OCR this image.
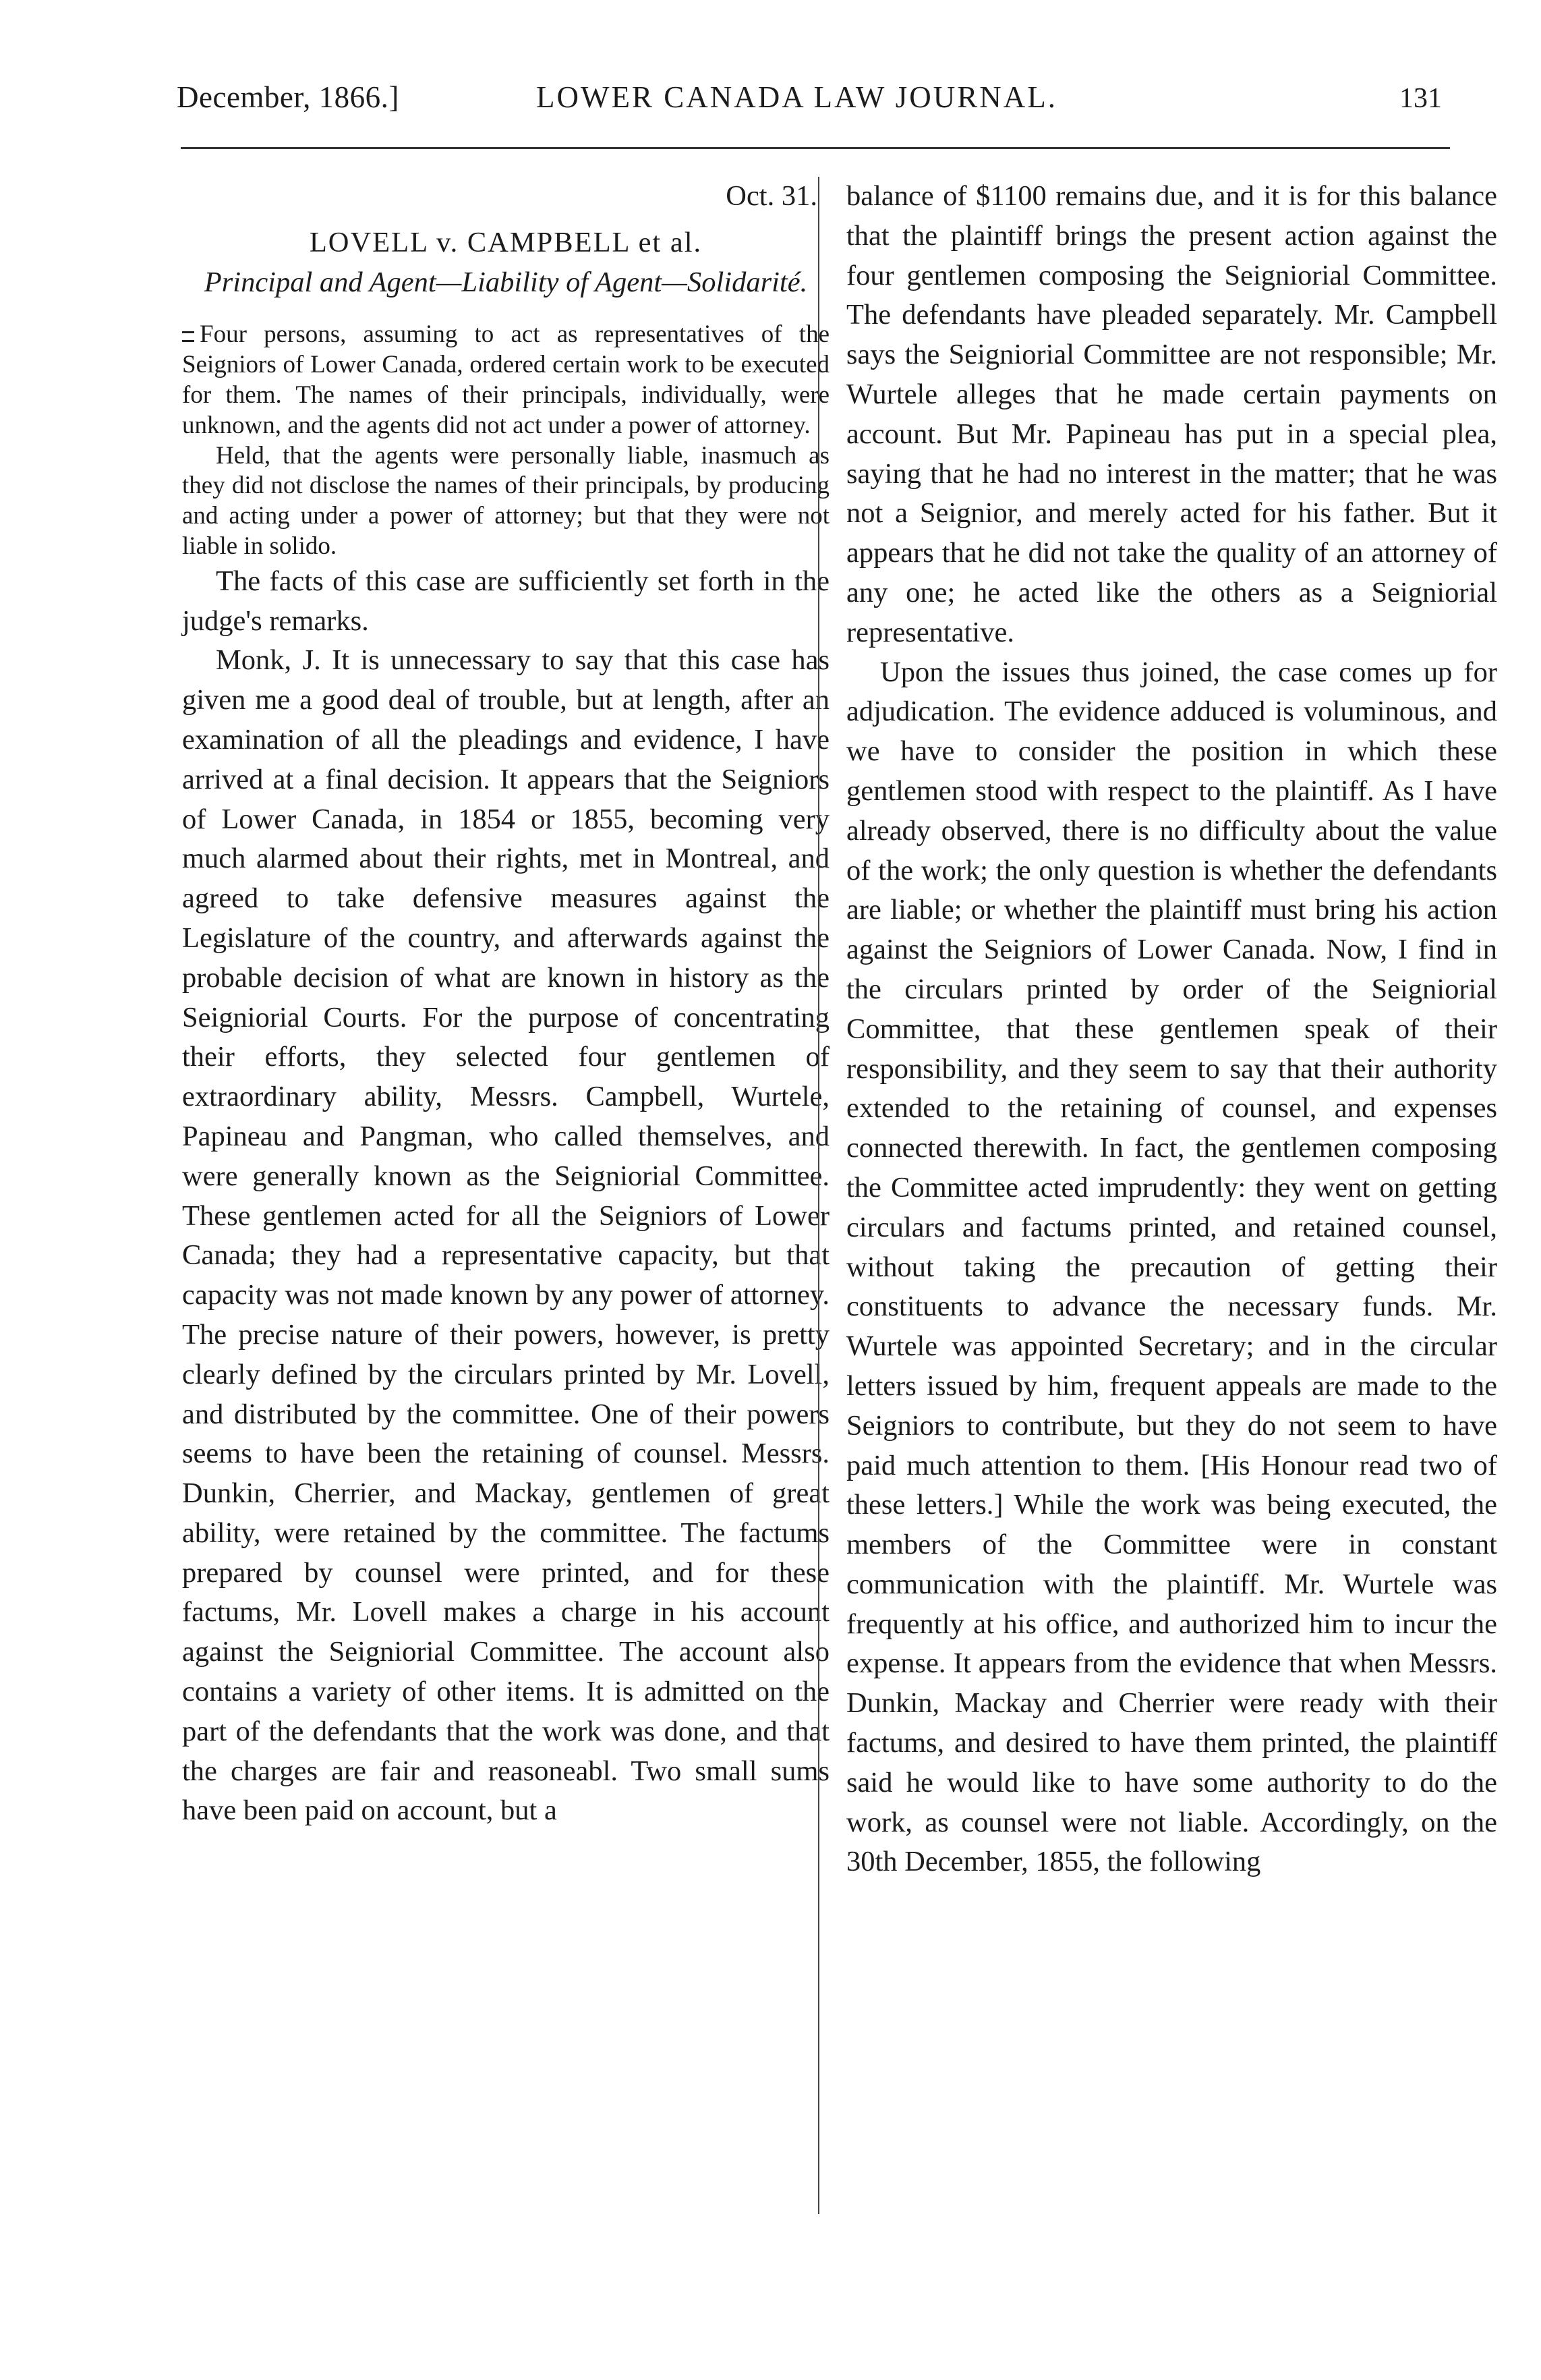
December, 1866.]	LOWER CANADA LAW JOURNAL.	131

Oct. 31.

LOVELL v. CAMPBELL et al.

Principal and Agent—Liability of Agent—Solidarité.

Four persons, assuming to act as representatives of the Seigniors of Lower Canada, ordered certain work to be executed for them. The names of their principals, individually, were unknown, and the agents did not act under a power of attorney.

Held, that the agents were personally liable, inasmuch as they did not disclose the names of their principals, by producing and acting under a power of attorney; but that they were not liable in solido.

The facts of this case are sufficiently set forth in the judge's remarks.

Monk, J. It is unnecessary to say that this case has given me a good deal of trouble, but at length, after an examination of all the pleadings and evidence, I have arrived at a final decision. It appears that the Seigniors of Lower Canada, in 1854 or 1855, becoming very much alarmed about their rights, met in Montreal, and agreed to take defensive measures against the Legislature of the country, and afterwards against the probable decision of what are known in history as the Seigniorial Courts. For the purpose of concentrating their efforts, they selected four gentlemen of extraordinary ability, Messrs. Campbell, Wurtele, Papineau and Pangman, who called themselves, and were generally known as the Seigniorial Committee. These gentlemen acted for all the Seigniors of Lower Canada; they had a representative capacity, but that capacity was not made known by any power of attorney. The precise nature of their powers, however, is pretty clearly defined by the circulars printed by Mr. Lovell, and distributed by the committee. One of their powers seems to have been the retaining of counsel. Messrs. Dunkin, Cherrier, and Mackay, gentlemen of great ability, were retained by the committee. The factums prepared by counsel were printed, and for these factums, Mr. Lovell makes a charge in his account against the Seigniorial Committee. The account also contains a variety of other items. It is admitted on the part of the defendants that the work was done, and that the charges are fair and reasoneabl. Two small sums have been paid on account, but a

balance of $1100 remains due, and it is for this balance that the plaintiff brings the present action against the four gentlemen composing the Seigniorial Committee. The defendants have pleaded separately. Mr. Campbell says the Seigniorial Committee are not responsible; Mr. Wurtele alleges that he made certain payments on account. But Mr. Papineau has put in a special plea, saying that he had no interest in the matter; that he was not a Seignior, and merely acted for his father. But it appears that he did not take the quality of an attorney of any one; he acted like the others as a Seigniorial representative.

Upon the issues thus joined, the case comes up for adjudication. The evidence adduced is voluminous, and we have to consider the position in which these gentlemen stood with respect to the plaintiff. As I have already observed, there is no difficulty about the value of the work; the only question is whether the defendants are liable; or whether the plaintiff must bring his action against the Seigniors of Lower Canada. Now, I find in the circulars printed by order of the Seigniorial Committee, that these gentlemen speak of their responsibility, and they seem to say that their authority extended to the retaining of counsel, and expenses connected therewith. In fact, the gentlemen composing the Committee acted imprudently: they went on getting circulars and factums printed, and retained counsel, without taking the precaution of getting their constituents to advance the necessary funds. Mr. Wurtele was appointed Secretary; and in the circular letters issued by him, frequent appeals are made to the Seigniors to contribute, but they do not seem to have paid much attention to them. [His Honour read two of these letters.] While the work was being executed, the members of the Committee were in constant communication with the plaintiff. Mr. Wurtele was frequently at his office, and authorized him to incur the expense. It appears from the evidence that when Messrs. Dunkin, Mackay and Cherrier were ready with their factums, and desired to have them printed, the plaintiff said he would like to have some authority to do the work, as counsel were not liable. Accordingly, on the 30th December, 1855, the following
